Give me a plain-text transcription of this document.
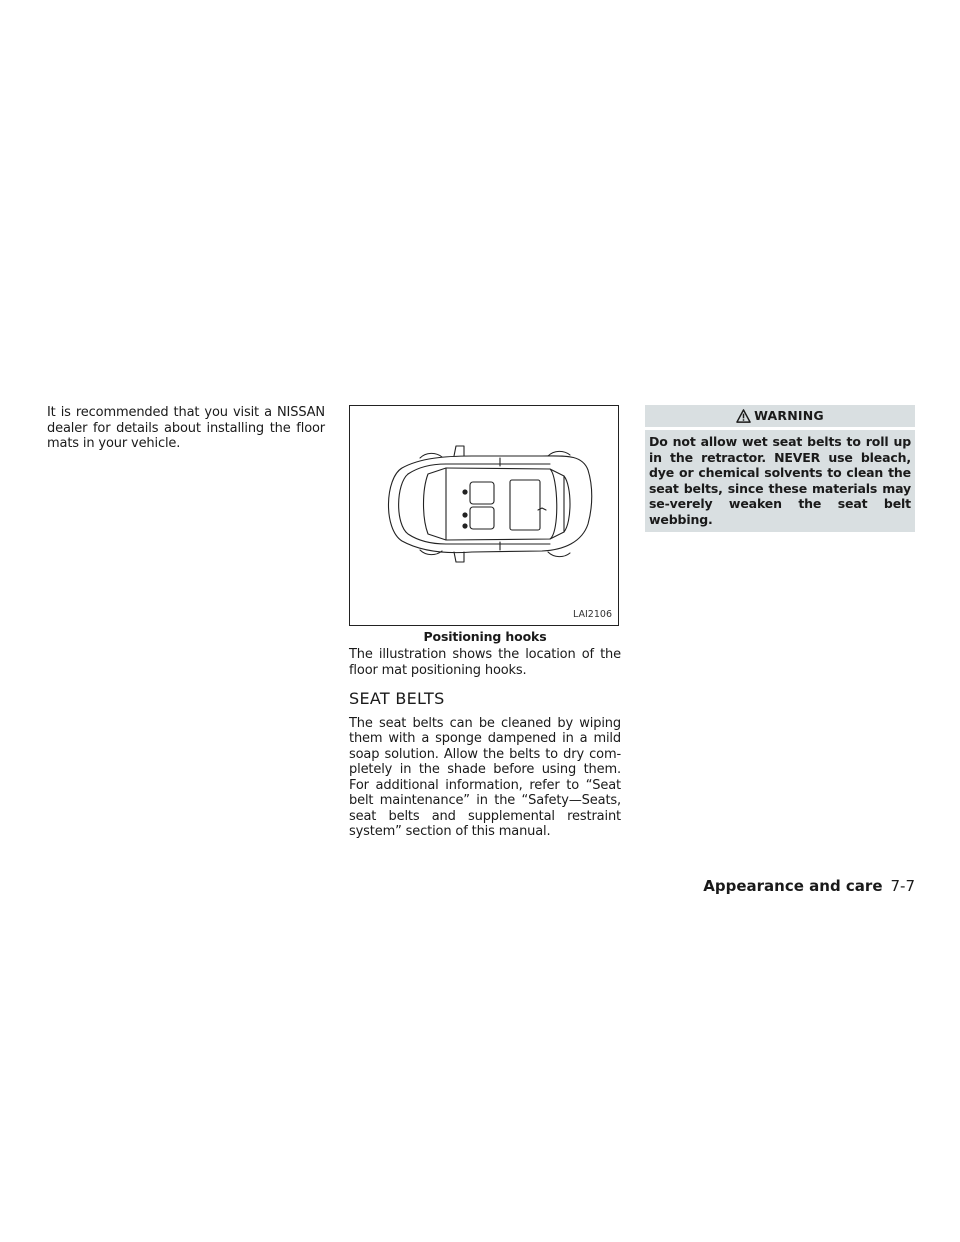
It is recommended that you visit a NISSAN dealer for details about installing the floor mats in your vehicle.

LAI2106
Positioning hooks

The illustration shows the location of the floor mat positioning hooks.

SEAT BELTS

The seat belts can be cleaned by wiping them with a sponge dampened in a mild soap solution. Allow the belts to dry com-pletely in the shade before using them. For additional information, refer to “Seat belt maintenance” in the “Safety—Seats, seat belts and supplemental restraint system” section of this manual.

WARNING
Do not allow wet seat belts to roll up in the retractor. NEVER use bleach, dye or chemical solvents to clean the seat belts, since these materials may se-verely weaken the seat belt webbing.
Appearance and care 7-7
